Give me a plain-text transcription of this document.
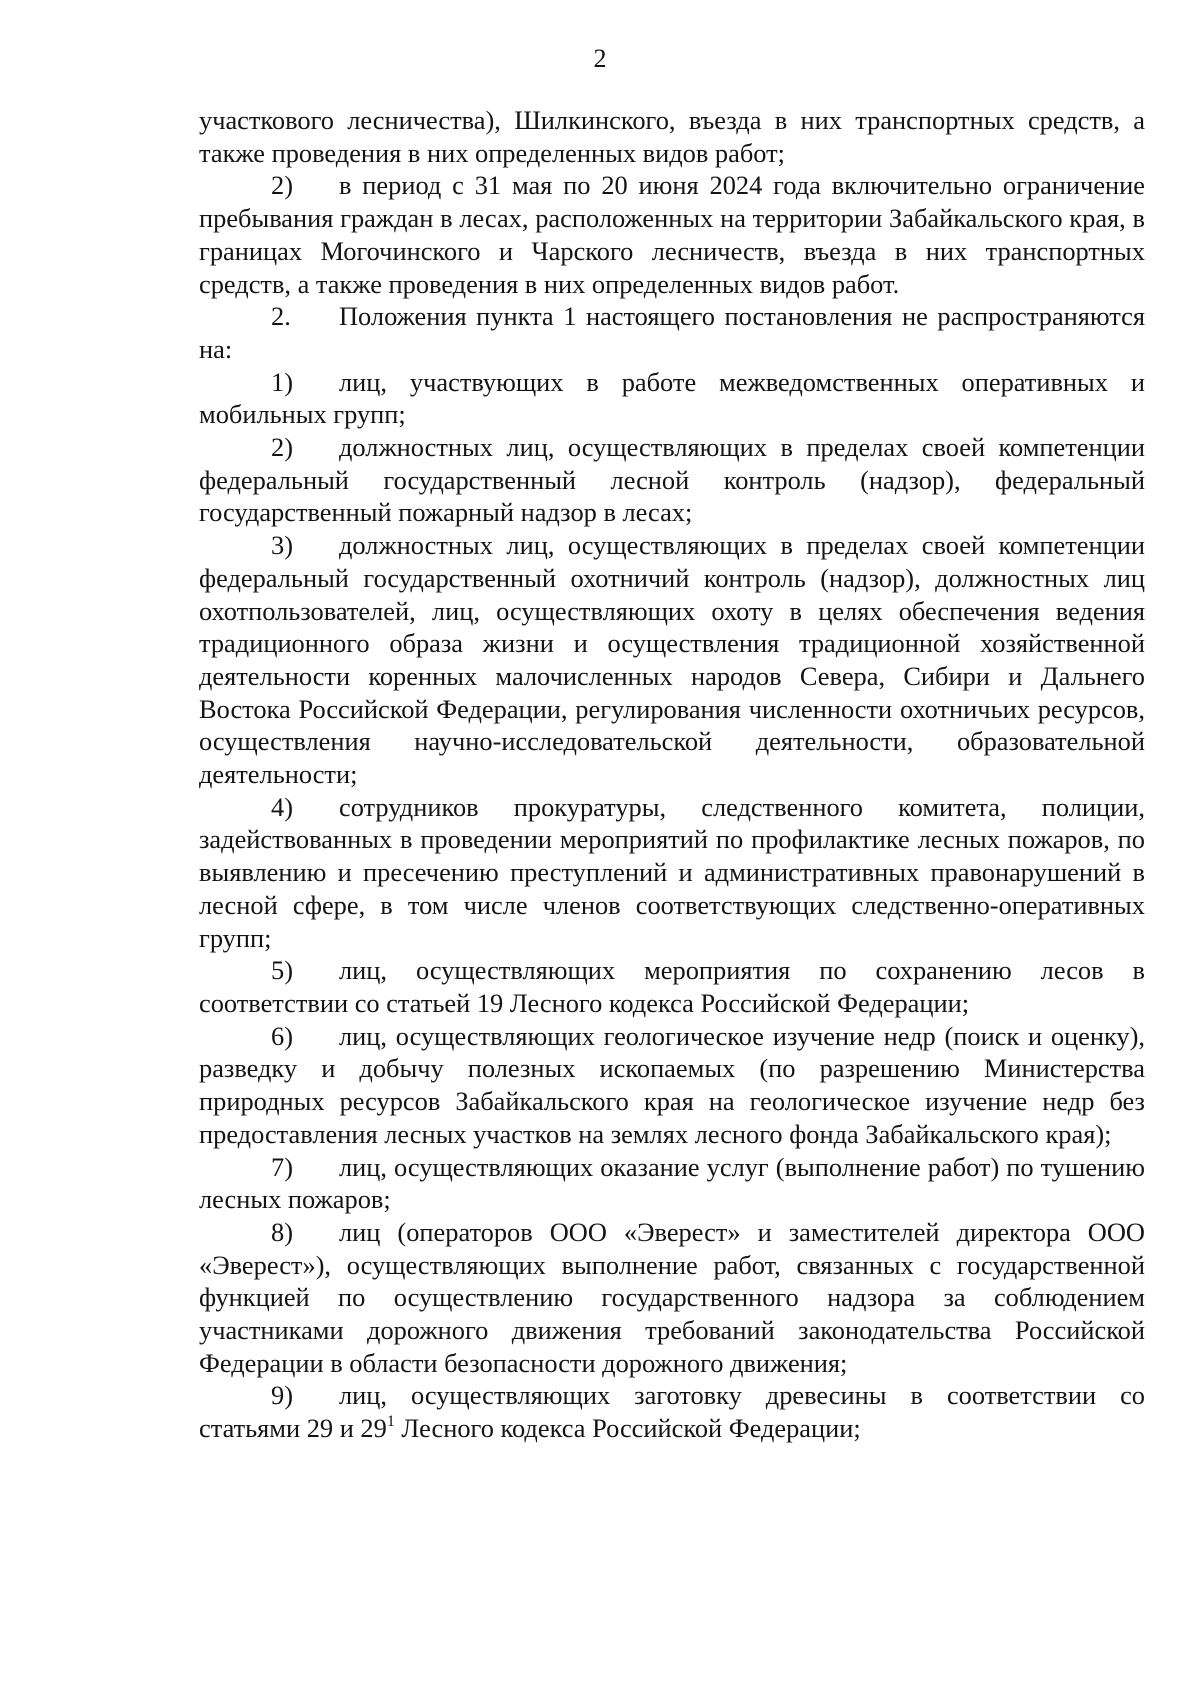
2

участкового лесничества), Шилкинского, въезда в них транспортных средств, а также проведения в них определенных видов работ;

2) в период с 31 мая по 20 июня 2024 года включительно ограничение пребывания граждан в лесах, расположенных на территории Забайкальского края, в границах Могочинского и Чарского лесничеств, въезда в них транспортных средств, а также проведения в них определенных видов работ.

2. Положения пункта 1 настоящего постановления не распространяются на:

1) лиц, участвующих в работе межведомственных оперативных и мобильных групп;

2) должностных лиц, осуществляющих в пределах своей компетенции федеральный государственный лесной контроль (надзор), федеральный государственный пожарный надзор в лесах;

3) должностных лиц, осуществляющих в пределах своей компетенции федеральный государственный охотничий контроль (надзор), должностных лиц охотпользователей, лиц, осуществляющих охоту в целях обеспечения ведения традиционного образа жизни и осуществления традиционной хозяйственной деятельности коренных малочисленных народов Севера, Сибири и Дальнего Востока Российской Федерации, регулирования численности охотничьих ресурсов, осуществления научно-исследовательской деятельности, образовательной деятельности;

4) сотрудников прокуратуры, следственного комитета, полиции, задействованных в проведении мероприятий по профилактике лесных пожаров, по выявлению и пресечению преступлений и административных правонарушений в лесной сфере, в том числе членов соответствующих следственно-оперативных групп;

5) лиц, осуществляющих мероприятия по сохранению лесов в соответствии со статьей 19 Лесного кодекса Российской Федерации;

6) лиц, осуществляющих геологическое изучение недр (поиск и оценку), разведку и добычу полезных ископаемых (по разрешению Министерства природных ресурсов Забайкальского края на геологическое изучение недр без предоставления лесных участков на землях лесного фонда Забайкальского края);

7) лиц, осуществляющих оказание услуг (выполнение работ) по тушению лесных пожаров;

8) лиц (операторов ООО «Эверест» и заместителей директора ООО «Эверест»), осуществляющих выполнение работ, связанных с государственной функцией по осуществлению государственного надзора за соблюдением участниками дорожного движения требований законодательства Российской Федерации в области безопасности дорожного движения;

9) лиц, осуществляющих заготовку древесины в соответствии со статьями 29 и $29^1$ Лесного кодекса Российской Федерации;
